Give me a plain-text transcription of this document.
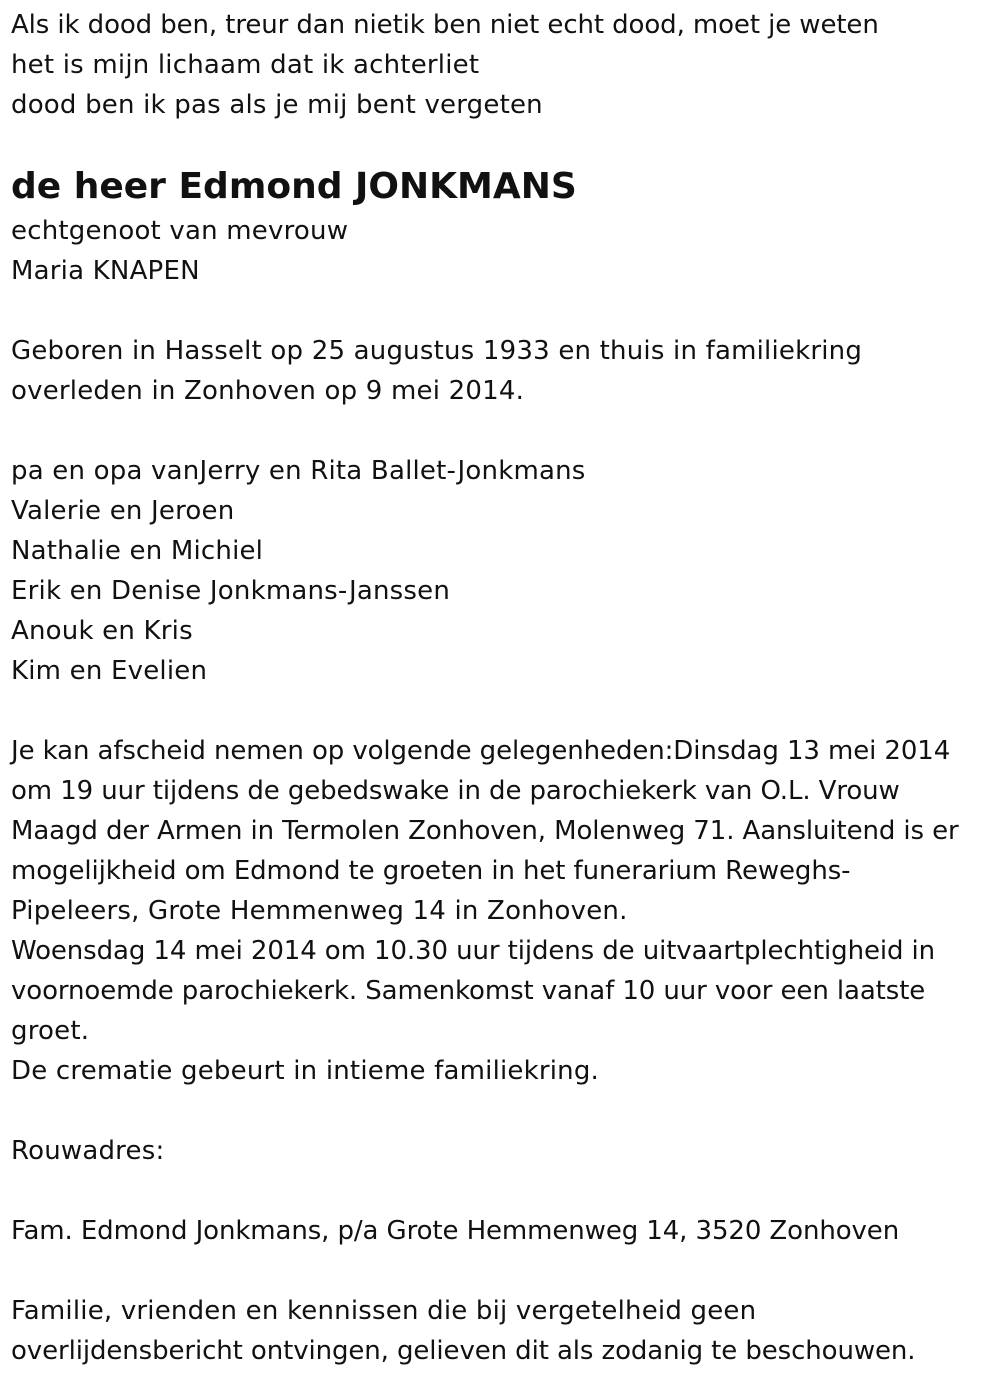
Als ik dood ben, treur dan nietik ben niet echt dood, moet je weten
het is mijn lichaam dat ik achterliet
dood ben ik pas als je mij bent vergeten
de heer Edmond JONKMANS
echtgenoot van mevrouw
Maria KNAPEN
Geboren in Hasselt op 25 augustus 1933 en thuis in familiekring
overleden in Zonhoven op 9 mei 2014.
pa en opa vanJerry en Rita Ballet-Jonkmans
Valerie en Jeroen
Nathalie en Michiel
Erik en Denise Jonkmans-Janssen
Anouk en Kris
Kim en Evelien
Je kan afscheid nemen op volgende gelegenheden:Dinsdag 13 mei 2014
om 19 uur tijdens de gebedswake in de parochiekerk van O.L. Vrouw
Maagd der Armen in Termolen Zonhoven, Molenweg 71. Aansluitend is er
mogelijkheid om Edmond te groeten in het funerarium Reweghs-
Pipeleers, Grote Hemmenweg 14 in Zonhoven.
Woensdag 14 mei 2014 om 10.30 uur tijdens de uitvaartplechtigheid in
voornoemde parochiekerk. Samenkomst vanaf 10 uur voor een laatste
groet.
De crematie gebeurt in intieme familiekring.
Rouwadres:
Fam. Edmond Jonkmans, p/a Grote Hemmenweg 14, 3520 Zonhoven
Familie, vrienden en kennissen die bij vergetelheid geen
overlijdensbericht ontvingen, gelieven dit als zodanig te beschouwen.
